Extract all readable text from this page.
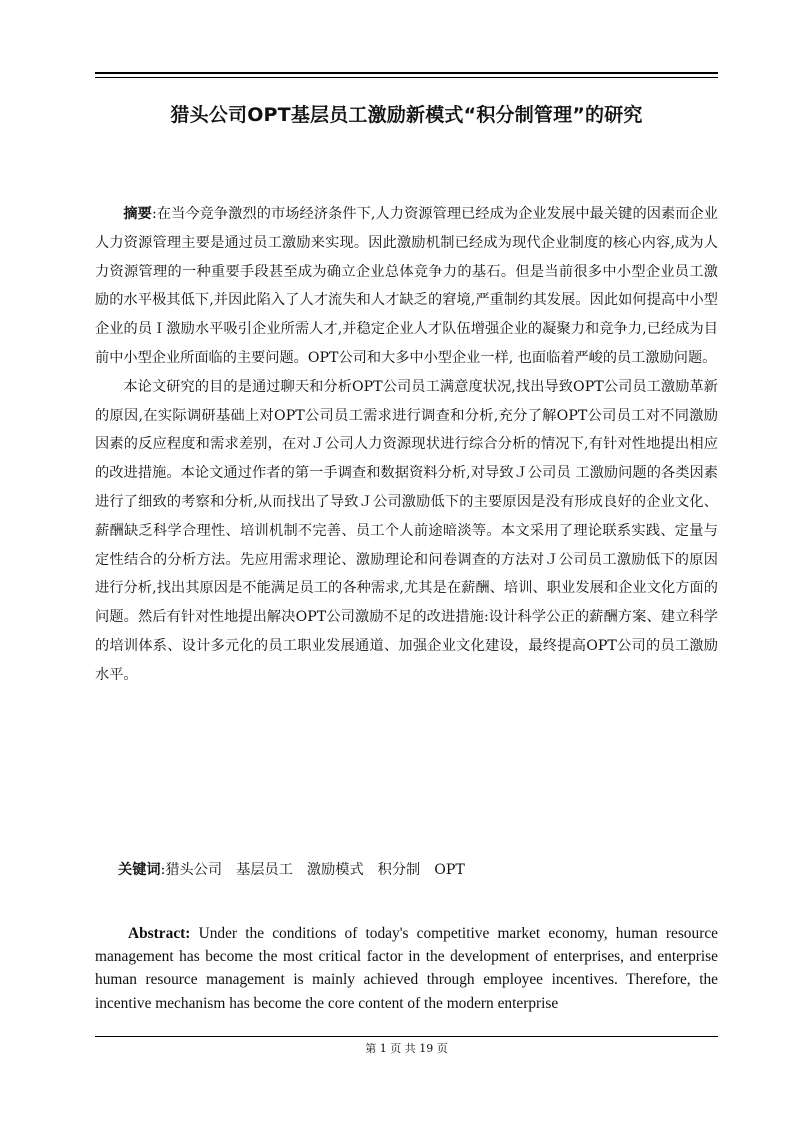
猎头公司OPT基层员工激励新模式“积分制管理”的研究

摘要:在当今竞争激烈的市场经济条件下,人力资源管理已经成为企业发展中最关键的因素而企业人力资源管理主要是通过员工激励来实现。因此激励机制已经成为现代企业制度的核心内容,成为人力资源管理的一种重要手段甚至成为确立企业总体竞争力的基石。但是当前很多中小型企业员工激励的水平极其低下,并因此陷入了人才流失和人才缺乏的窘境,严重制约其发展。因此如何提高中小型企业的员Ｉ激励水平吸引企业所需人才,并稳定企业人才队伍增强企业的凝聚力和竞争力,已经成为目前中小型企业所面临的主要问题。OPT公司和大多中小型企业一样, 也面临着严峻的员工激励问题。

本论文研究的目的是通过聊天和分析OPT公司员工满意度状况,找出导致OPT公司员工激励革新的原因,在实际调研基础上对OPT公司员工需求进行调查和分析,充分了解OPT公司员工对不同激励因素的反应程度和需求差别，在对Ｊ公司人力资源现状进行综合分析的情况下,有针对性地提出相应的改进措施。本论文通过作者的第一手调查和数据资料分析,对导致Ｊ公司员 工激励问题的各类因素进行了细致的考察和分析,从而找出了导致Ｊ公司激励低下的主要原因是没有形成良好的企业文化、薪酬缺乏科学合理性、培训机制不完善、员工个人前途暗淡等。本文采用了理论联系实践、定量与定性结合的分析方法。先应用需求理论、激励理论和问卷调查的方法对Ｊ公司员工激励低下的原因进行分析,找出其原因是不能满足员工的各种需求,尤其是在薪酬、培训、职业发展和企业文化方面的问题。然后有针对性地提出解决OPT公司激励不足的改进措施:设计科学公正的薪酬方案、建立科学的培训体系、设计多元化的员工职业发展通道、加强企业文化建设，最终提高OPT公司的员工激励水平。

关键词:猎头公司 基层员工 激励模式 积分制 OPT

Abstract: Under the conditions of today's competitive market economy, human resource management has become the most critical factor in the development of enterprises, and enterprise human resource management is mainly achieved through employee incentives. Therefore, the incentive mechanism has become the core content of the modern enterprise

第 1 页 共 19 页
